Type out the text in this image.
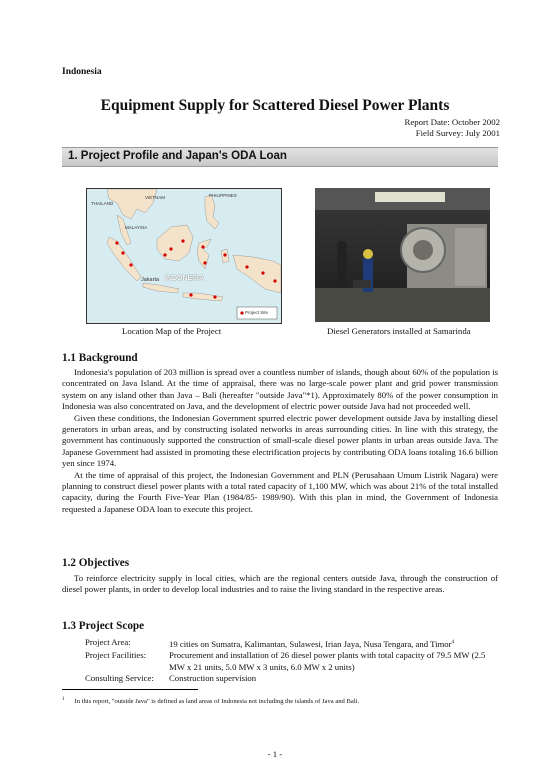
Indonesia
Equipment Supply for Scattered Diesel Power Plants
Report Date: October 2002
Field Survey: July 2001
1. Project Profile and Japan's ODA Loan
VIETNAM
THAILAND
PHILIPPINES
MALAYSIA
INDONESIA
Jakarta
Project Site
Location Map of the Project	Diesel Generators installed at Samarinda
1.1 Background

Indonesia's population of 203 million is spread over a countless number of islands, though about 60% of the population is concentrated on Java Island. At the time of appraisal, there was no large-scale power plant and grid power transmission system on any island other than Java – Bali (hereafter "outside Java"*1). Approximately 80% of the power consumption in Indonesia was also concentrated on Java, and the development of electric power outside Java had not proceeded well.

Given these conditions, the Indonesian Government spurred electric power development outside Java by installing diesel generators in urban areas, and by constructing isolated networks in areas surrounding cities. In line with this strategy, the government has continuously supported the construction of small-scale diesel power plants in urban areas outside Java. The Japanese Government had assisted in promoting these electrification projects by contributing ODA loans totaling 16.6 billion yen since 1974.

At the time of appraisal of this project, the Indonesian Government and PLN (Perusahaan Umum Listrik Nagara) were planning to construct diesel power plants with a total rated capacity of 1,100 MW, which was about 21% of the total installed capacity, during the Fourth Five-Year Plan (1984/85- 1989/90). With this plan in mind, the Government of Indonesia requested a Japanese ODA loan to execute this project.

1.2 Objectives

To reinforce electricity supply in local cities, which are the regional centers outside Java, through the construction of diesel power plants, in order to develop local industries and to raise the living standard in the respective areas.

1.3 Project Scope
Project Area:	19 cities on Sumatra, Kalimantan, Sulawesi, Irian Jaya, Nusa Tengara, and Timor$^4$
Project Facilities:	Procurement and installation of 26 diesel power plants with total capacity of 79.5 MW (2.5 MW x 21 units, 5.0 MW x 3 units, 6.0 MW x 2 units)
Consulting Service:	Construction supervision
$^1$ In this report, "outside Java" is defined as land areas of Indonesia not including the islands of Java and Bali.
- 1 -
